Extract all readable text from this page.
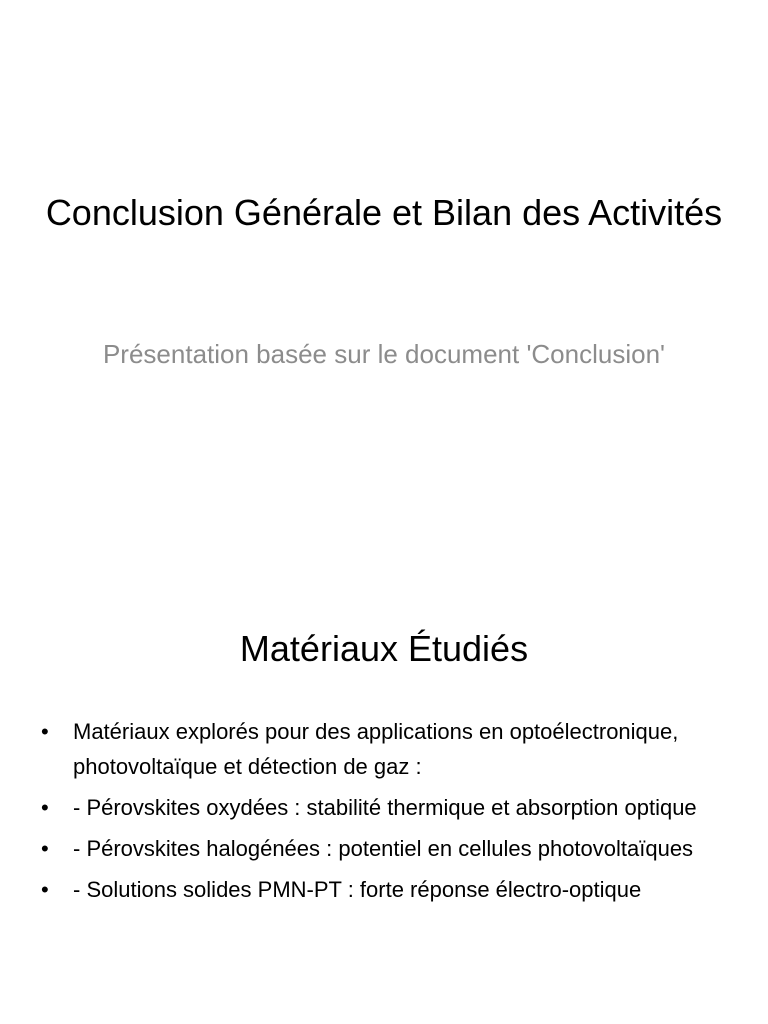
Conclusion Générale et Bilan des Activités

Présentation basée sur le document 'Conclusion'

Matériaux Étudiés
• Matériaux explorés pour des applications en optoélectronique, photovoltaïque et détection de gaz :
• - Pérovskites oxydées : stabilité thermique et absorption optique
• - Pérovskites halogénées : potentiel en cellules photovoltaïques
• - Solutions solides PMN-PT : forte réponse électro-optique
